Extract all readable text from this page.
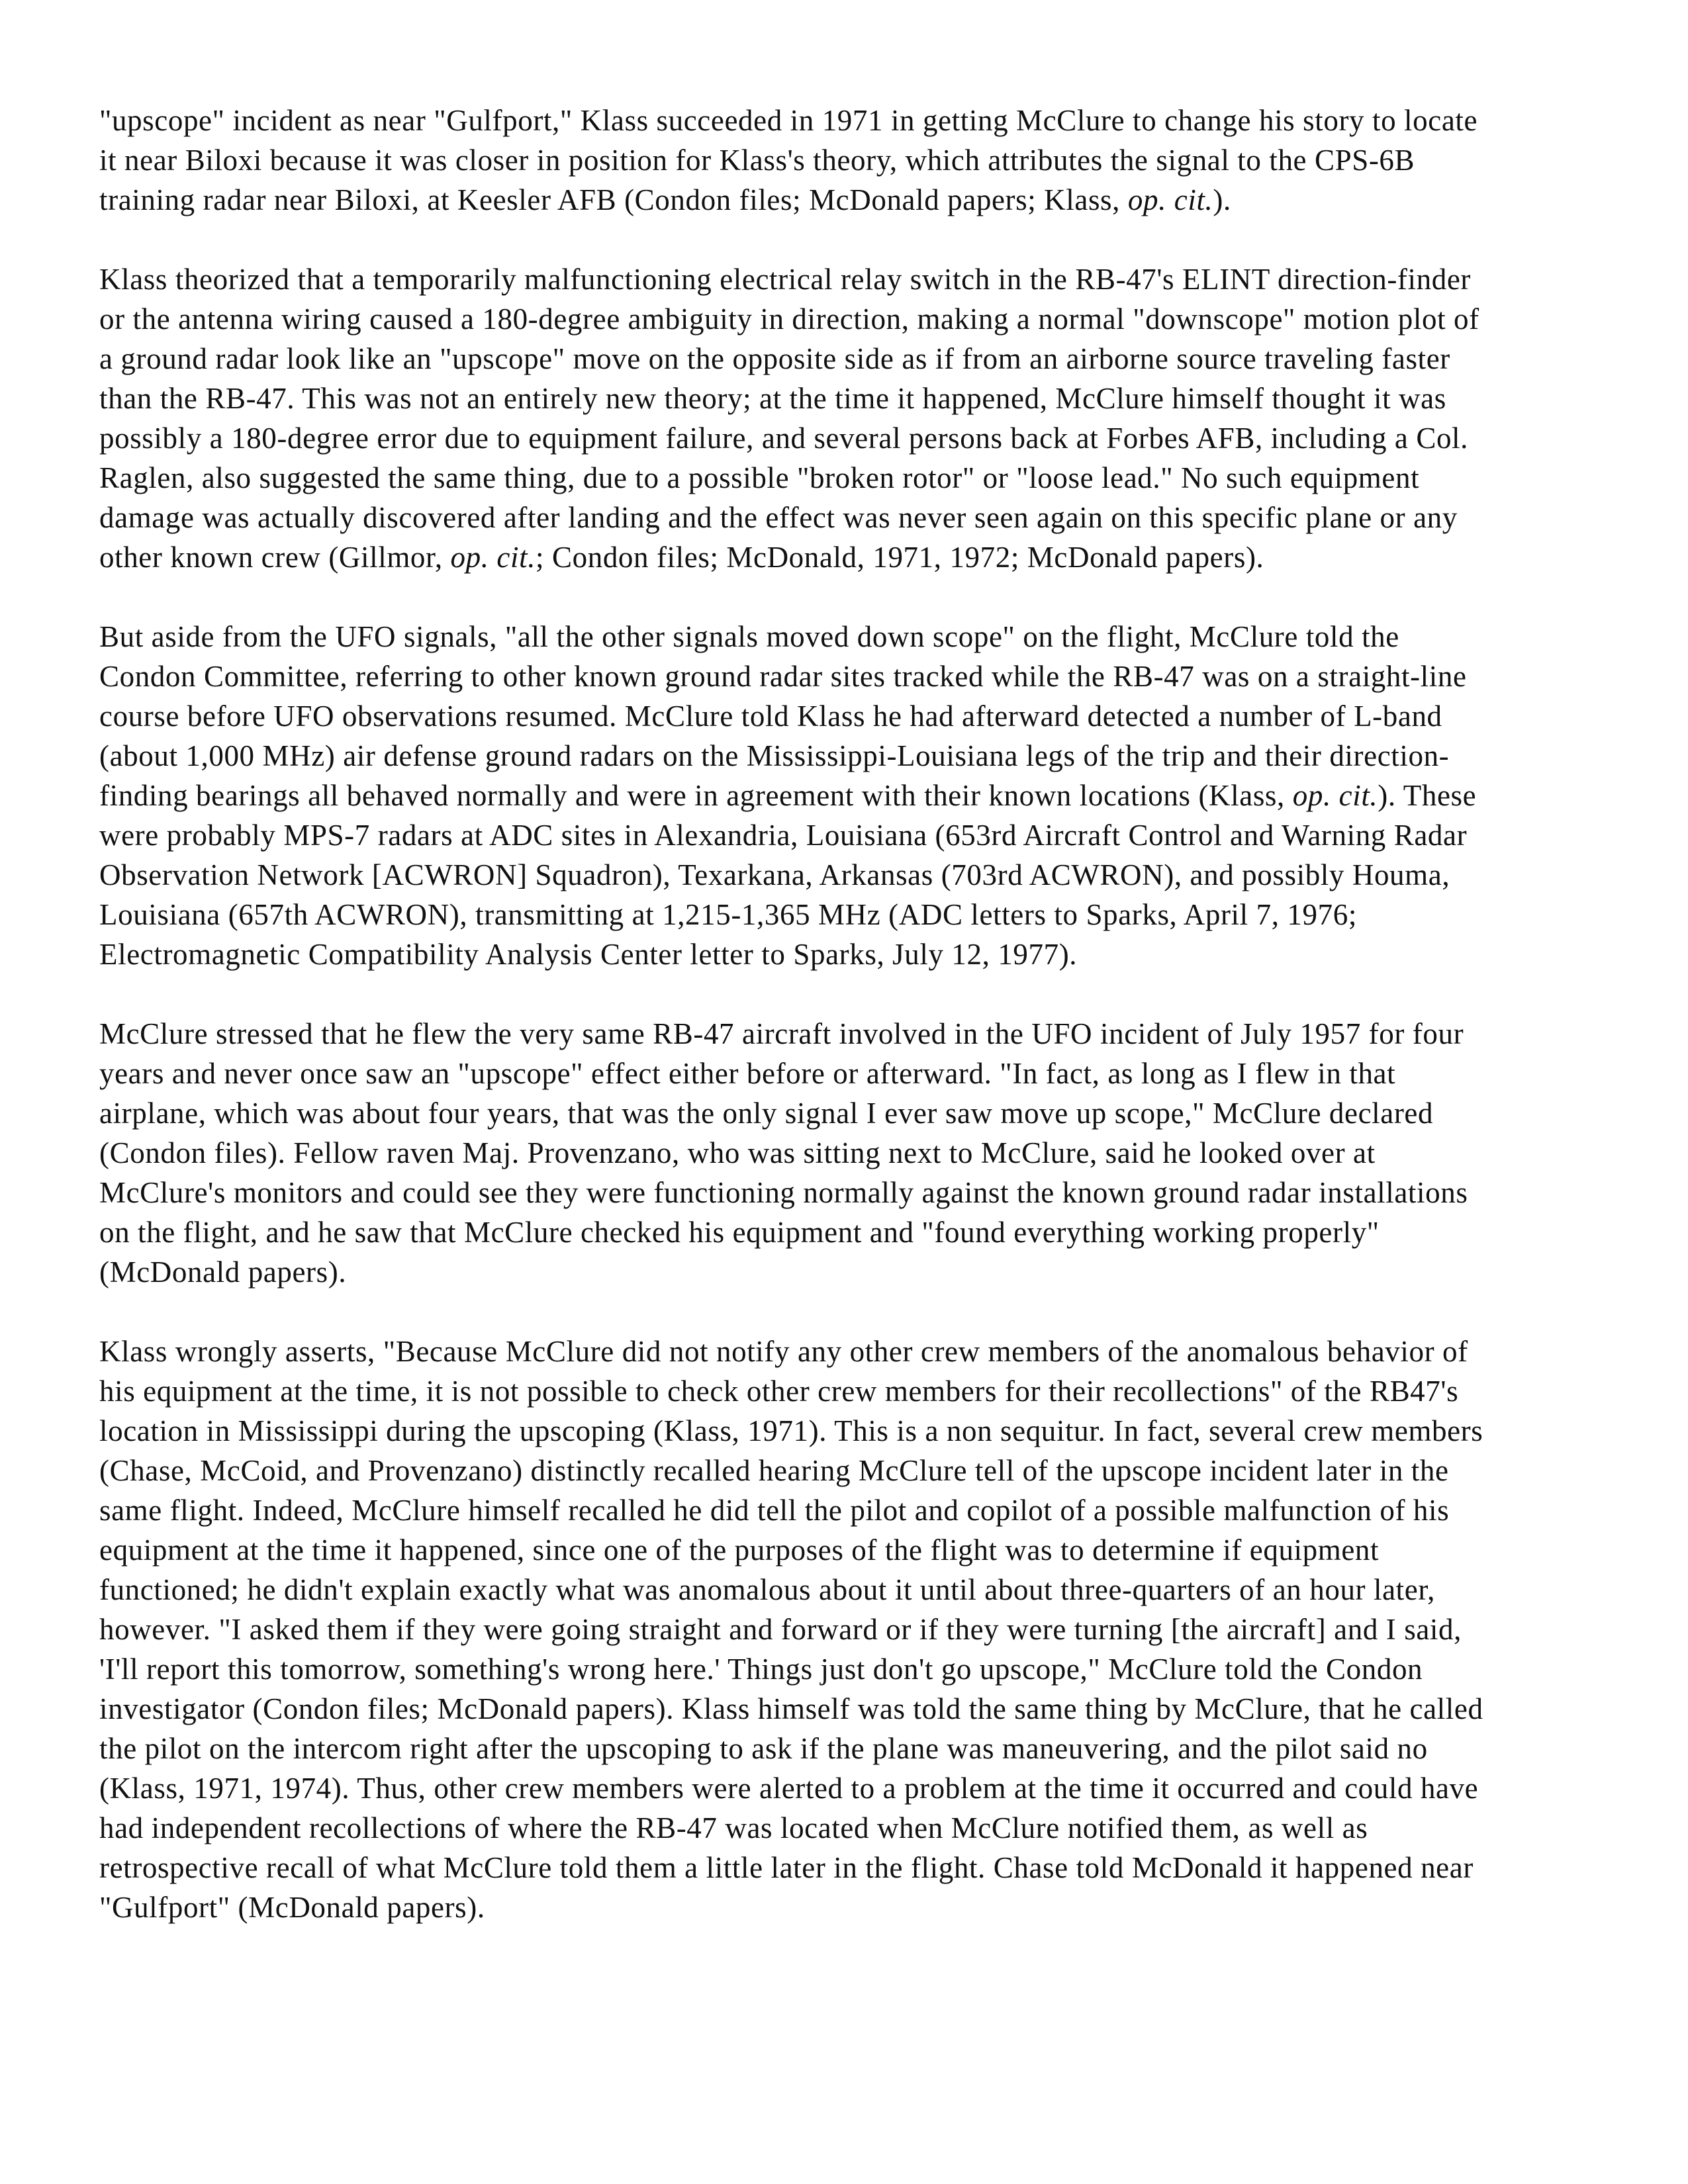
"upscope" incident as near "Gulfport," Klass succeeded in 1971 in getting McClure to change his story to locate
it near Biloxi because it was closer in position for Klass's theory, which attributes the signal to the CPS-6B
training radar near Biloxi, at Keesler AFB (Condon files; McDonald papers; Klass, op. cit.).
Klass theorized that a temporarily malfunctioning electrical relay switch in the RB-47's ELINT direction-finder
or the antenna wiring caused a 180-degree ambiguity in direction, making a normal "downscope" motion plot of
a ground radar look like an "upscope" move on the opposite side as if from an airborne source traveling faster
than the RB-47. This was not an entirely new theory; at the time it happened, McClure himself thought it was
possibly a 180-degree error due to equipment failure, and several persons back at Forbes AFB, including a Col.
Raglen, also suggested the same thing, due to a possible "broken rotor" or "loose lead." No such equipment
damage was actually discovered after landing and the effect was never seen again on this specific plane or any
other known crew (Gillmor, op. cit.; Condon files; McDonald, 1971, 1972; McDonald papers).
But aside from the UFO signals, "all the other signals moved down scope" on the flight, McClure told the
Condon Committee, referring to other known ground radar sites tracked while the RB-47 was on a straight-line
course before UFO observations resumed. McClure told Klass he had afterward detected a number of L-band
(about 1,000 MHz) air defense ground radars on the Mississippi-Louisiana legs of the trip and their direction-
finding bearings all behaved normally and were in agreement with their known locations (Klass, op. cit.). These
were probably MPS-7 radars at ADC sites in Alexandria, Louisiana (653rd Aircraft Control and Warning Radar
Observation Network [ACWRON] Squadron), Texarkana, Arkansas (703rd ACWRON), and possibly Houma,
Louisiana (657th ACWRON), transmitting at 1,215-1,365 MHz (ADC letters to Sparks, April 7, 1976;
Electromagnetic Compatibility Analysis Center letter to Sparks, July 12, 1977).
McClure stressed that he flew the very same RB-47 aircraft involved in the UFO incident of July 1957 for four
years and never once saw an "upscope" effect either before or afterward. "In fact, as long as I flew in that
airplane, which was about four years, that was the only signal I ever saw move up scope," McClure declared
(Condon files). Fellow raven Maj. Provenzano, who was sitting next to McClure, said he looked over at
McClure's monitors and could see they were functioning normally against the known ground radar installations
on the flight, and he saw that McClure checked his equipment and "found everything working properly"
(McDonald papers).
Klass wrongly asserts, "Because McClure did not notify any other crew members of the anomalous behavior of
his equipment at the time, it is not possible to check other crew members for their recollections" of the RB47's
location in Mississippi during the upscoping (Klass, 1971). This is a non sequitur. In fact, several crew members
(Chase, McCoid, and Provenzano) distinctly recalled hearing McClure tell of the upscope incident later in the
same flight. Indeed, McClure himself recalled he did tell the pilot and copilot of a possible malfunction of his
equipment at the time it happened, since one of the purposes of the flight was to determine if equipment
functioned; he didn't explain exactly what was anomalous about it until about three-quarters of an hour later,
however. "I asked them if they were going straight and forward or if they were turning [the aircraft] and I said,
'I'll report this tomorrow, something's wrong here.' Things just don't go upscope," McClure told the Condon
investigator (Condon files; McDonald papers). Klass himself was told the same thing by McClure, that he called
the pilot on the intercom right after the upscoping to ask if the plane was maneuvering, and the pilot said no
(Klass, 1971, 1974). Thus, other crew members were alerted to a problem at the time it occurred and could have
had independent recollections of where the RB-47 was located when McClure notified them, as well as
retrospective recall of what McClure told them a little later in the flight. Chase told McDonald it happened near
"Gulfport" (McDonald papers).
